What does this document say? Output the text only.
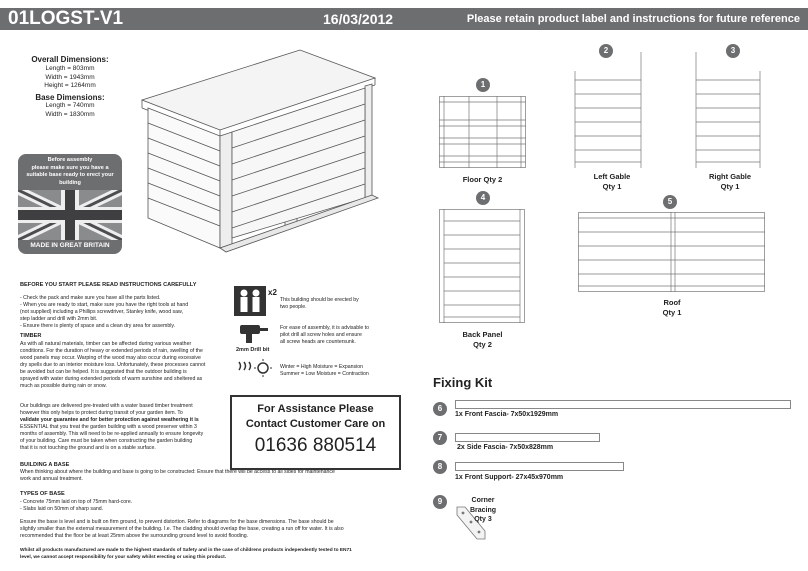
01LOGST-V1	16/03/2012	Please retain product label and instructions for future reference
Overall Dimensions:
Length = 803mm
Width = 1943mm
Height = 1264mm
Base Dimensions:
Length = 740mm
Width = 1830mm
Before assembly
please make sure you have a
suitable base ready to erect your
building
MADE IN GREAT BRITAIN
BEFORE YOU START PLEASE READ INSTRUCTIONS CAREFULLY
- Check the pack and make sure you have all the parts listed.
- When you are ready to start, make sure you have the right tools at hand
(not supplied) including a Phillips screwdriver, Stanley knife, wood saw,
step ladder and drill with 2mm bit.
- Ensure there is plenty of space and a clean dry area for assembly.
TIMBER
As with all natural materials, timber can be affected during various weather
conditions. For the duration of heavy or extended periods of rain, swelling of the
wood panels may occur. Warping of the wood may also occur during excessive
dry spells due to an interior moisture loss. Unfortunately, these processes cannot
be avoided but can be helped. It is suggested that the outdoor building is
sprayed with water during extended periods of warm sunshine and sheltered as
much as possible during rain or snow.
Our buildings are delivered pre-treated with a water based timber treatment
however this only helps to protect during transit of your garden item. To
validate your guarantee and for better protection against weathering it is
ESSENTIAL that you treat the garden building with a wood preserver within 3
months of assembly. This will need to be re-applied annually to ensure longevity
of your building. Care must be taken when constructing the garden building
that it is not touching the ground and is on a stable surface.
BUILDING A BASE
When thinking about where the building and base is going to be constructed: Ensure that there will be access to all sides for maintenance
work and annual treatment.
TYPES OF BASE
- Concrete 75mm laid on top of 75mm hard-core.
- Slabs laid on 50mm of sharp sand.
Ensure the base is level and is built on firm ground, to prevent distortion. Refer to diagrams for the base dimensions. The base should be
slightly smaller than the external measurement of the building. I.e. The cladding should overlap the base, creating a run off for water. It is also
recommended that the floor be at least 25mm above the surrounding ground level to avoid flooding.
Whilst all products manufactured are made to the highest standards of Safety and in the case of childrens products independently tested to EN71
level, we cannot accept responsibility for your safety whilst erecting or using this product.
x2
This building should be erected by
two people.
2mm Drill bit
For ease of assembly, it is advisable to
pilot drill all screw holes and ensure
all screw heads are countersunk.
Winter = High Moisture = Expansion
Summer = Low Moisture = Contraction
For Assistance Please
Contact Customer Care on
01636 880514
1
Floor Qty 2
2
Left Gable
Qty 1
3
Right Gable
Qty 1
4
Back Panel
Qty 2
5
Roof
Qty 1
Fixing Kit
6
1x Front Fascia- 7x50x1929mm
7
2x Side Fascia- 7x50x828mm
8
1x Front Support- 27x45x970mm
9	Corner
Bracing
Qty 3
